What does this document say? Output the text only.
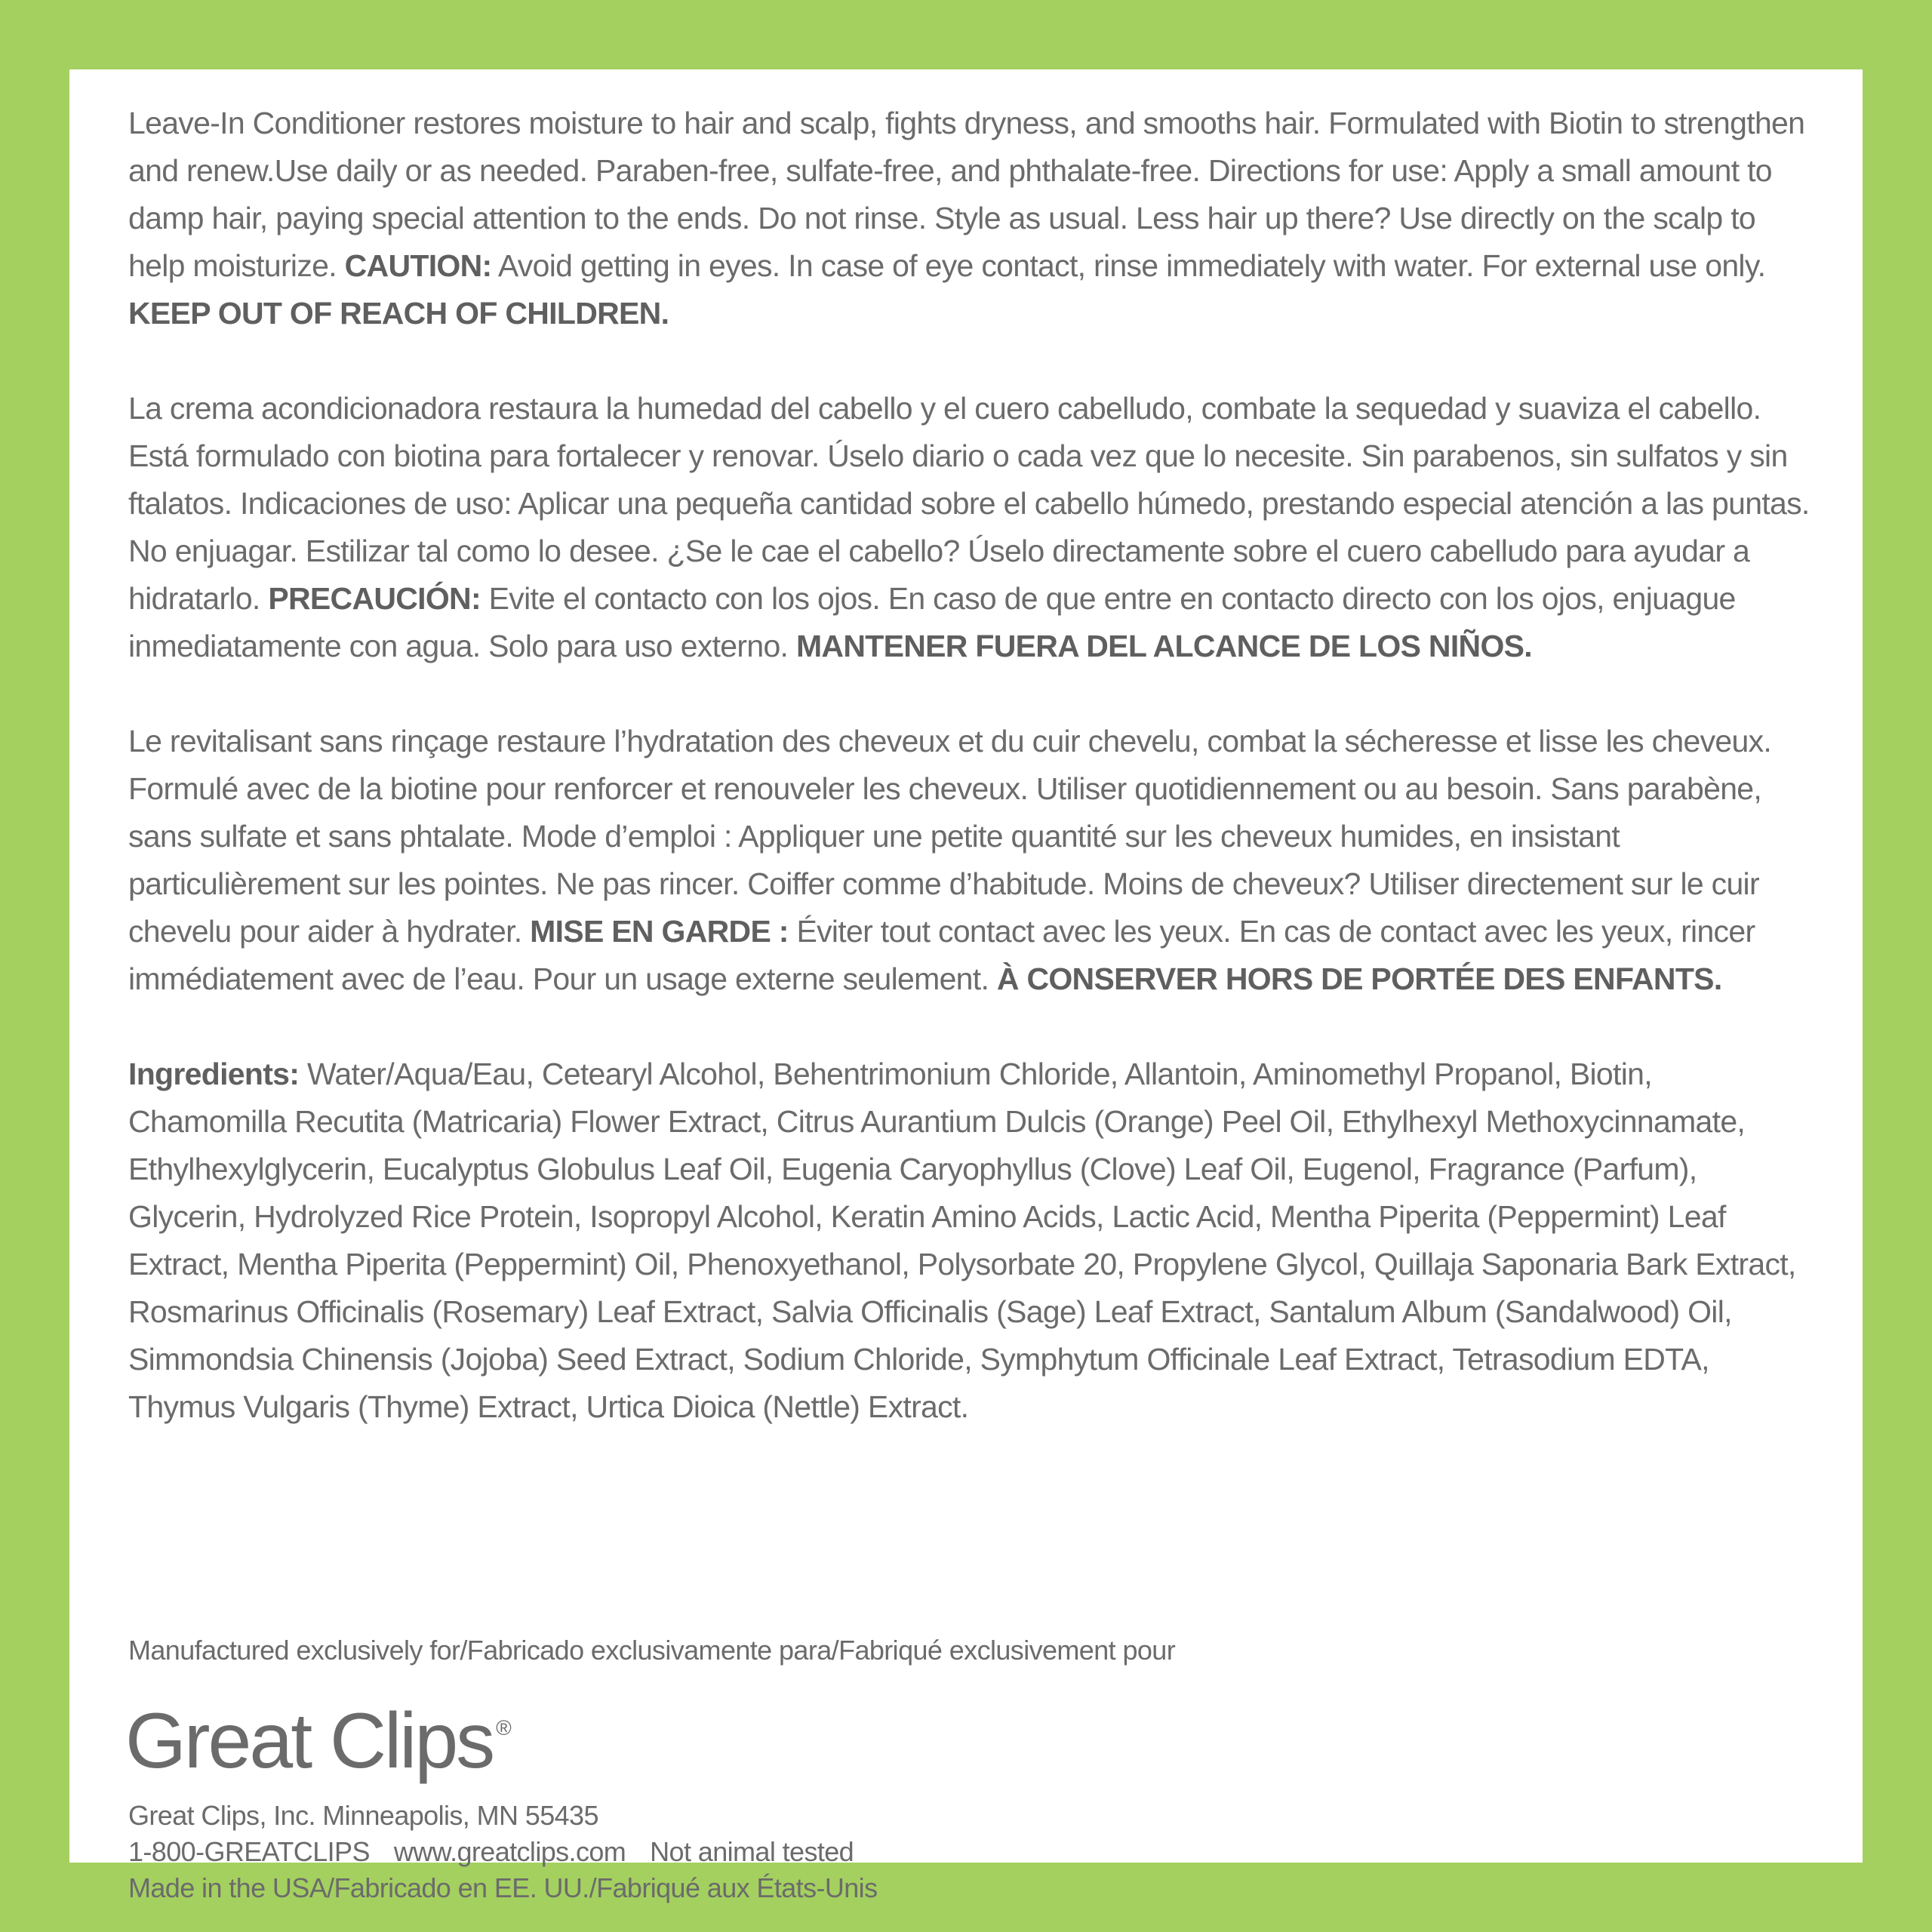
Leave-In Conditioner restores moisture to hair and scalp, fights dryness, and smooths hair. Formulated with Biotin to strengthen and renew.Use daily or as needed. Paraben-free, sulfate-free, and phthalate-free. Directions for use: Apply a small amount to damp hair, paying special attention to the ends. Do not rinse. Style as usual. Less hair up there? Use directly on the scalp to help moisturize. CAUTION: Avoid getting in eyes. In case of eye contact, rinse immediately with water. For external use only. KEEP OUT OF REACH OF CHILDREN.

La crema acondicionadora restaura la humedad del cabello y el cuero cabelludo, combate la sequedad y suaviza el cabello. Está formulado con biotina para fortalecer y renovar. Úselo diario o cada vez que lo necesite. Sin parabenos, sin sulfatos y sin ftalatos. Indicaciones de uso: Aplicar una pequeña cantidad sobre el cabello húmedo, prestando especial atención a las puntas. No enjuagar. Estilizar tal como lo desee. ¿Se le cae el cabello? Úselo directamente sobre el cuero cabelludo para ayudar a hidratarlo. PRECAUCIÓN: Evite el contacto con los ojos. En caso de que entre en contacto directo con los ojos, enjuague inmediatamente con agua. Solo para uso externo. MANTENER FUERA DEL ALCANCE DE LOS NIÑOS.

Le revitalisant sans rinçage restaure l’hydratation des cheveux et du cuir chevelu, combat la sécheresse et lisse les cheveux. Formulé avec de la biotine pour renforcer et renouveler les cheveux. Utiliser quotidiennement ou au besoin. Sans parabène, sans sulfate et sans phtalate. Mode d’emploi : Appliquer une petite quantité sur les cheveux humides, en insistant particulièrement sur les pointes. Ne pas rincer. Coiffer comme d’habitude. Moins de cheveux? Utiliser directement sur le cuir chevelu pour aider à hydrater. MISE EN GARDE : Éviter tout contact avec les yeux. En cas de contact avec les yeux, rincer immédiatement avec de l’eau. Pour un usage externe seulement. À CONSERVER HORS DE PORTÉE DES ENFANTS.

Ingredients: Water/Aqua/Eau, Cetearyl Alcohol, Behentrimonium Chloride, Allantoin, Aminomethyl Propanol, Biotin, Chamomilla Recutita (Matricaria) Flower Extract, Citrus Aurantium Dulcis (Orange) Peel Oil, Ethylhexyl Methoxycinnamate, Ethylhexylglycerin, Eucalyptus Globulus Leaf Oil, Eugenia Caryophyllus (Clove) Leaf Oil, Eugenol, Fragrance (Parfum), Glycerin, Hydrolyzed Rice Protein, Isopropyl Alcohol, Keratin Amino Acids, Lactic Acid, Mentha Piperita (Peppermint) Leaf Extract, Mentha Piperita (Peppermint) Oil, Phenoxyethanol, Polysorbate 20, Propylene Glycol, Quillaja Saponaria Bark Extract, Rosmarinus Officinalis (Rosemary) Leaf Extract, Salvia Officinalis (Sage) Leaf Extract, Santalum Album (Sandalwood) Oil, Simmondsia Chinensis (Jojoba) Seed Extract, Sodium Chloride, Symphytum Officinale Leaf Extract, Tetrasodium EDTA, Thymus Vulgaris (Thyme) Extract, Urtica Dioica (Nettle) Extract.

Manufactured exclusively for/Fabricado exclusivamente para/Fabriqué exclusivement pour

Great Clips ®
Great Clips, Inc. Minneapolis, MN 55435
1-800-GREATCLIPS www.greatclips.com Not animal tested
Made in the USA/Fabricado en EE. UU./Fabriqué aux États-Unis
